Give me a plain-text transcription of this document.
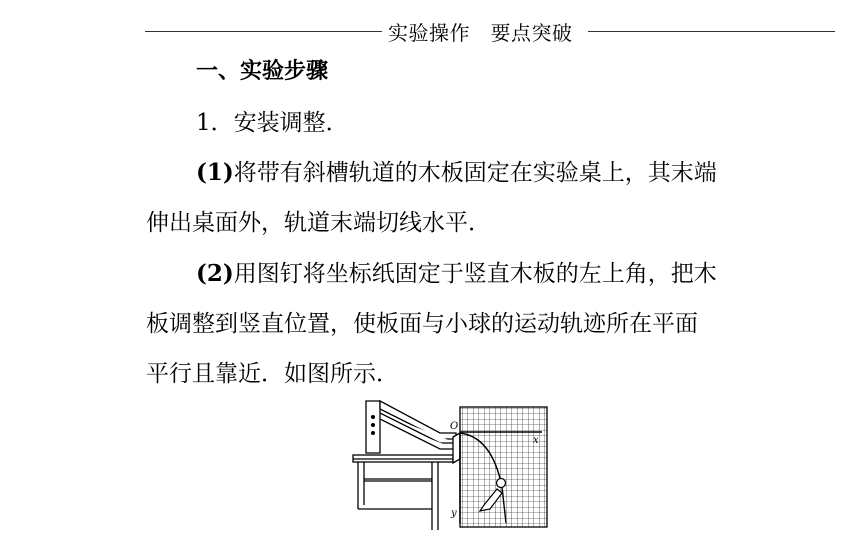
实验操作　要点突破
一、实验步骤
1．安装调整．
(1)将带有斜槽轨道的木板固定在实验桌上，其末端
伸出桌面外，轨道末端切线水平．
(2)用图钉将坐标纸固定于竖直木板的左上角，把木
板调整到竖直位置，使板面与小球的运动轨迹所在平面
平行且靠近．如图所示．
O
x
y
